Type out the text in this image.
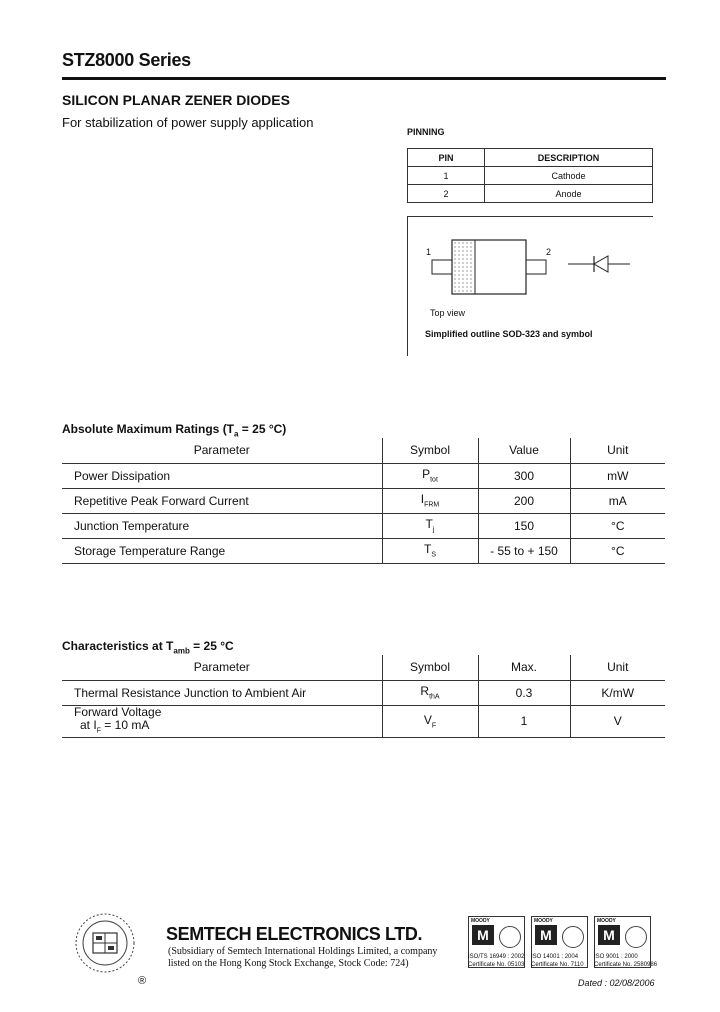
STZ8000 Series
SILICON PLANAR ZENER DIODES
For stabilization of power supply application
PINNING
PIN	DESCRIPTION
1	Cathode
2	Anode
1	2
Top view
Simplified outline SOD-323 and symbol
Absolute Maximum Ratings ($T_a = 25$ °C)
Parameter	Symbol	Value	Unit
Power Dissipation	$P_{tot}$	300	mW
Repetitive Peak Forward Current	$I_{FRM}$	200	mA
Junction Temperature	$T_j$	150	°C
Storage Temperature Range	$T_S$	- 55 to + 150	°C
Characteristics at $T_{amb} = 25$ °C
Parameter	Symbol	Max.	Unit
Thermal Resistance Junction to Ambient Air	$R_{thA}$	0.3	K/mW

Forward Voltage
at $I_F = 10$ mA	$V_F$	1	V
SEMTECH ELECTRONICS LTD.
(Subsidiary of Semtech International Holdings Limited, a company
listed on the Hong Kong Stock Exchange, Stock Code: 724)
®
MOODY
M
MOODY
M
MOODY
M
ISO/TS 16949 : 2002
Certificate No. 05103
ISO 14001 : 2004
Certificate No. 7110
ISO 9001 : 2000
Certificate No. 2580986
Dated : 02/08/2006
